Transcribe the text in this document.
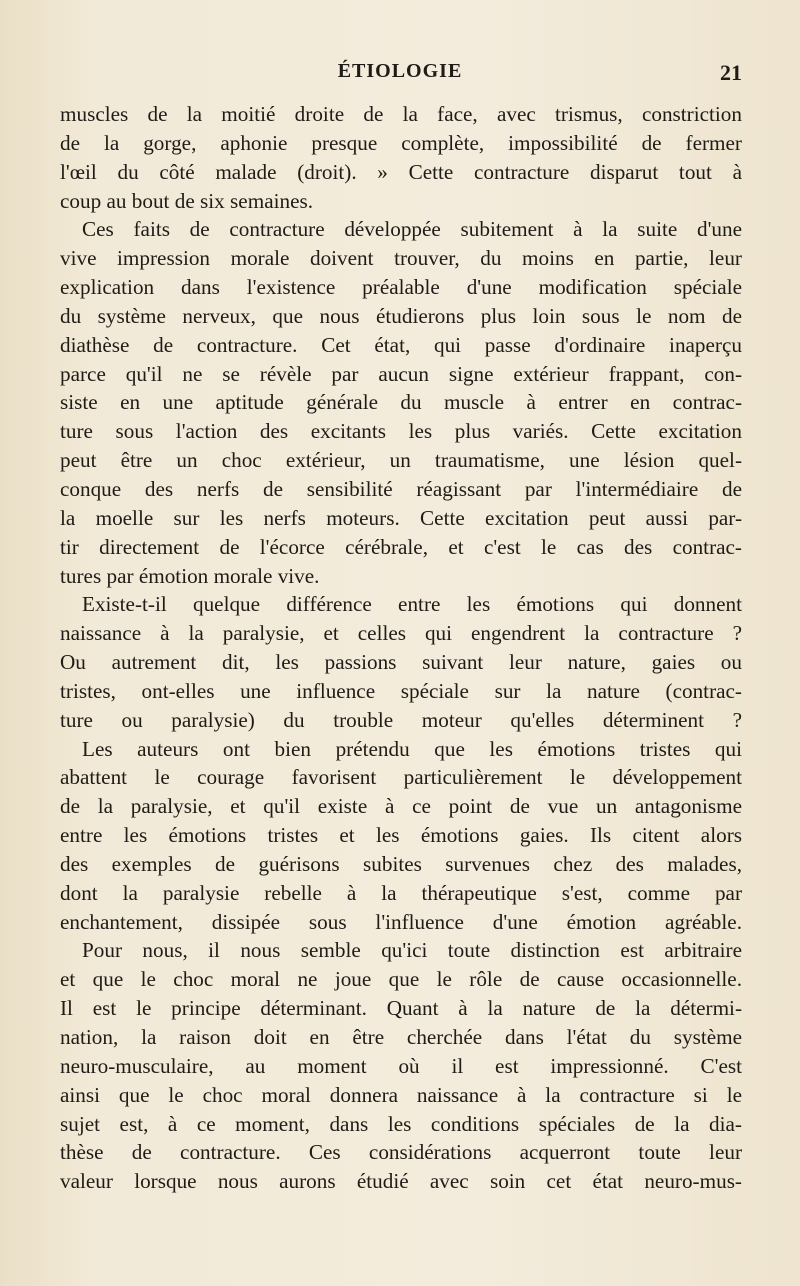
ÉTIOLOGIE	21
muscles de la moitié droite de la face, avec trismus, constriction
de la gorge, aphonie presque complète, impossibilité de fermer
l'œil du côté malade (droit). » Cette contracture disparut tout à
coup au bout de six semaines.
Ces faits de contracture développée subitement à la suite d'une
vive impression morale doivent trouver, du moins en partie, leur
explication dans l'existence préalable d'une modification spéciale
du système nerveux, que nous étudierons plus loin sous le nom de
diathèse de contracture. Cet état, qui passe d'ordinaire inaperçu
parce qu'il ne se révèle par aucun signe extérieur frappant, con-
siste en une aptitude générale du muscle à entrer en contrac-
ture sous l'action des excitants les plus variés. Cette excitation
peut être un choc extérieur, un traumatisme, une lésion quel-
conque des nerfs de sensibilité réagissant par l'intermédiaire de
la moelle sur les nerfs moteurs. Cette excitation peut aussi par-
tir directement de l'écorce cérébrale, et c'est le cas des contrac-
tures par émotion morale vive.
Existe-t-il quelque différence entre les émotions qui donnent
naissance à la paralysie, et celles qui engendrent la contracture ?
Ou autrement dit, les passions suivant leur nature, gaies ou
tristes, ont-elles une influence spéciale sur la nature (contrac-
ture ou paralysie) du trouble moteur qu'elles déterminent ?
Les auteurs ont bien prétendu que les émotions tristes qui
abattent le courage favorisent particulièrement le développement
de la paralysie, et qu'il existe à ce point de vue un antagonisme
entre les émotions tristes et les émotions gaies. Ils citent alors
des exemples de guérisons subites survenues chez des malades,
dont la paralysie rebelle à la thérapeutique s'est, comme par
enchantement, dissipée sous l'influence d'une émotion agréable.
Pour nous, il nous semble qu'ici toute distinction est arbitraire
et que le choc moral ne joue que le rôle de cause occasionnelle.
Il est le principe déterminant. Quant à la nature de la détermi-
nation, la raison doit en être cherchée dans l'état du système
neuro-musculaire, au moment où il est impressionné. C'est
ainsi que le choc moral donnera naissance à la contracture si le
sujet est, à ce moment, dans les conditions spéciales de la dia-
thèse de contracture. Ces considérations acquerront toute leur
valeur lorsque nous aurons étudié avec soin cet état neuro-mus-
